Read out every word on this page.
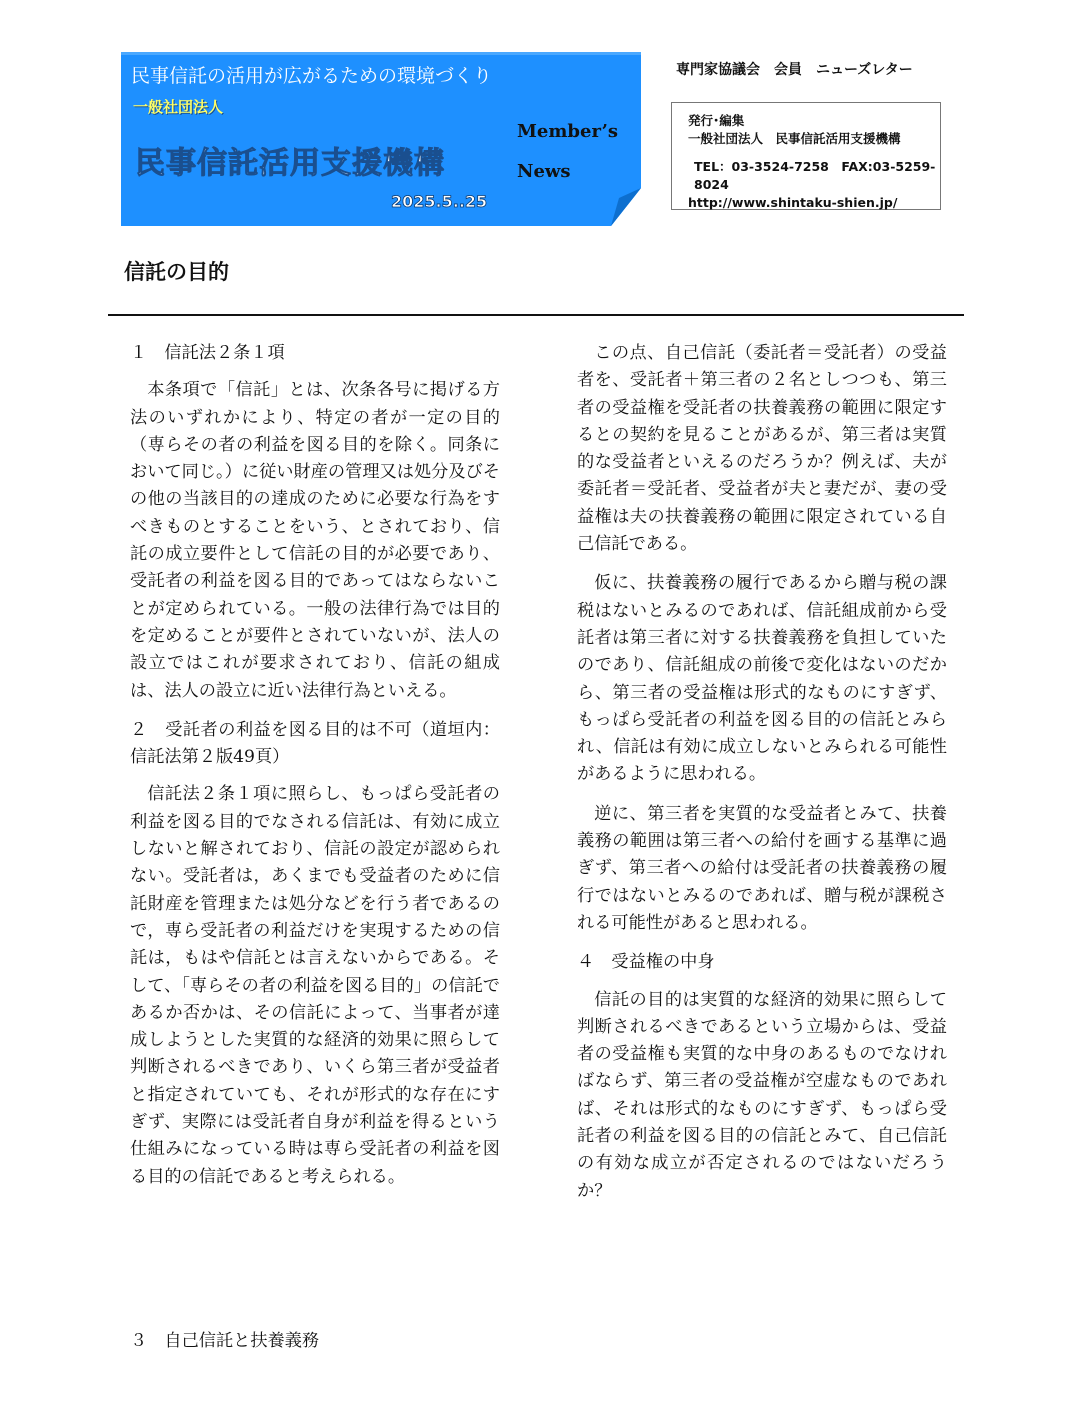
民事信託の活用が広がるための環境づくり
一般社団法人
民事信託活用支援機構
Member’s
News
2025.5..25
専門家協議会　会員　ニューズレター
発行･編集
一般社団法人　民事信託活用支援機構
TEL：03-3524-7258　FAX:03-5259-8024
http://www.shintaku-shien.jp/
信託の目的

１　信託法２条１項

本条項で「信託」とは、次条各号に掲げる方法のいずれかにより、特定の者が一定の目的（専らその者の利益を図る目的を除く。同条において同じ。）に従い財産の管理又は処分及びその他の当該目的の達成のために必要な行為をすべきものとすることをいう、とされており、信託の成立要件として信託の目的が必要であり、受託者の利益を図る目的であってはならないことが定められている。一般の法律行為では目的を定めることが要件とされていないが、法人の設立ではこれが要求されており、信託の組成は、法人の設立に近い法律行為といえる。

２　受託者の利益を図る目的は不可（道垣内：信託法第２版49頁）

信託法２条１項に照らし、もっぱら受託者の利益を図る目的でなされる信託は、有効に成立しないと解されており、信託の設定が認められない。受託者は，あくまでも受益者のために信託財産を管理または処分などを行う者であるので，専ら受託者の利益だけを実現するための信託は，もはや信託とは言えないからである。そして、「専らその者の利益を図る目的」の信託であるか否かは、その信託によって、当事者が達成しようとした実質的な経済的効果に照らして判断されるべきであり、いくら第三者が受益者と指定されていても、それが形式的な存在にすぎず、実際には受託者自身が利益を得るという仕組みになっている時は専ら受託者の利益を図る目的の信託であると考えられる。

３　自己信託と扶養義務

この点、自己信託（委託者＝受託者）の受益者を、受託者＋第三者の２名としつつも、第三者の受益権を受託者の扶養義務の範囲に限定するとの契約を見ることがあるが、第三者は実質的な受益者といえるのだろうか？例えば、夫が委託者＝受託者、受益者が夫と妻だが、妻の受益権は夫の扶養義務の範囲に限定されている自己信託である。

仮に、扶養義務の履行であるから贈与税の課税はないとみるのであれば、信託組成前から受託者は第三者に対する扶養義務を負担していたのであり、信託組成の前後で変化はないのだから、第三者の受益権は形式的なものにすぎず、もっぱら受託者の利益を図る目的の信託とみられ、信託は有効に成立しないとみられる可能性があるように思われる。

逆に、第三者を実質的な受益者とみて、扶養義務の範囲は第三者への給付を画する基準に過ぎず、第三者への給付は受託者の扶養義務の履行ではないとみるのであれば、贈与税が課税される可能性があると思われる。

４　受益権の中身

信託の目的は実質的な経済的効果に照らして判断されるべきであるという立場からは、受益者の受益権も実質的な中身のあるものでなければならず、第三者の受益権が空虚なものであれば、それは形式的なものにすぎず、もっぱら受託者の利益を図る目的の信託とみて、自己信託の有効な成立が否定されるのではないだろうか？
